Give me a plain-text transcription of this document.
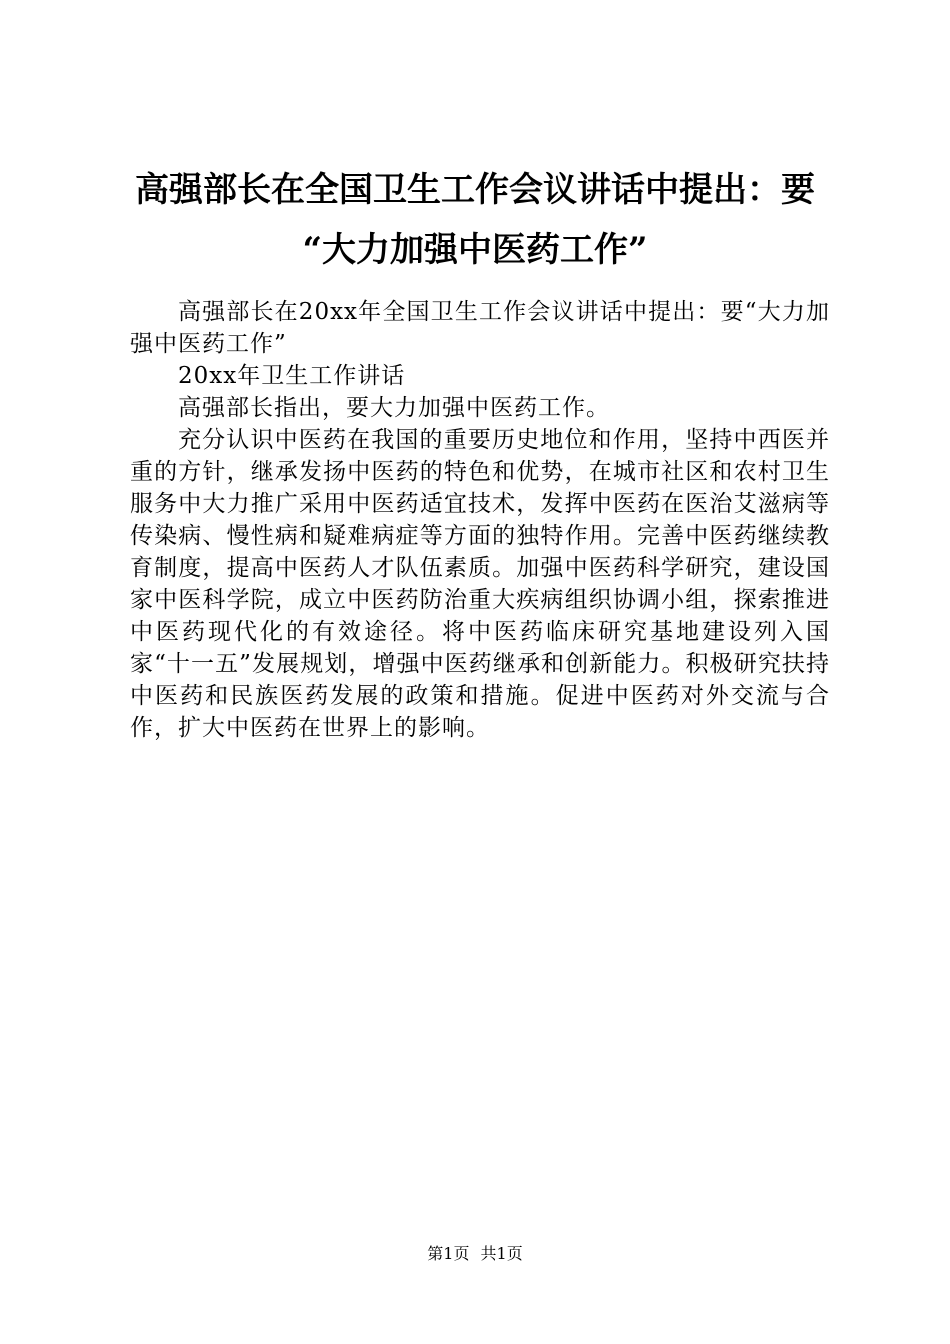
高强部长在全国卫生工作会议讲话中提出：要
“大力加强中医药工作”

高强部长在20xx年全国卫生工作会议讲话中提出：要“大力加强中医药工作”

20xx年卫生工作讲话

高强部长指出，要大力加强中医药工作。

充分认识中医药在我国的重要历史地位和作用，坚持中西医并重的方针，继承发扬中医药的特色和优势，在城市社区和农村卫生服务中大力推广采用中医药适宜技术，发挥中医药在医治艾滋病等传染病、慢性病和疑难病症等方面的独特作用。完善中医药继续教育制度，提高中医药人才队伍素质。加强中医药科学研究，建设国家中医科学院，成立中医药防治重大疾病组织协调小组，探索推进中医药现代化的有效途径。将中医药临床研究基地建设列入国家“十一五”发展规划，增强中医药继承和创新能力。积极研究扶持中医药和民族医药发展的政策和措施。促进中医药对外交流与合作，扩大中医药在世界上的影响。

第1页 共1页
